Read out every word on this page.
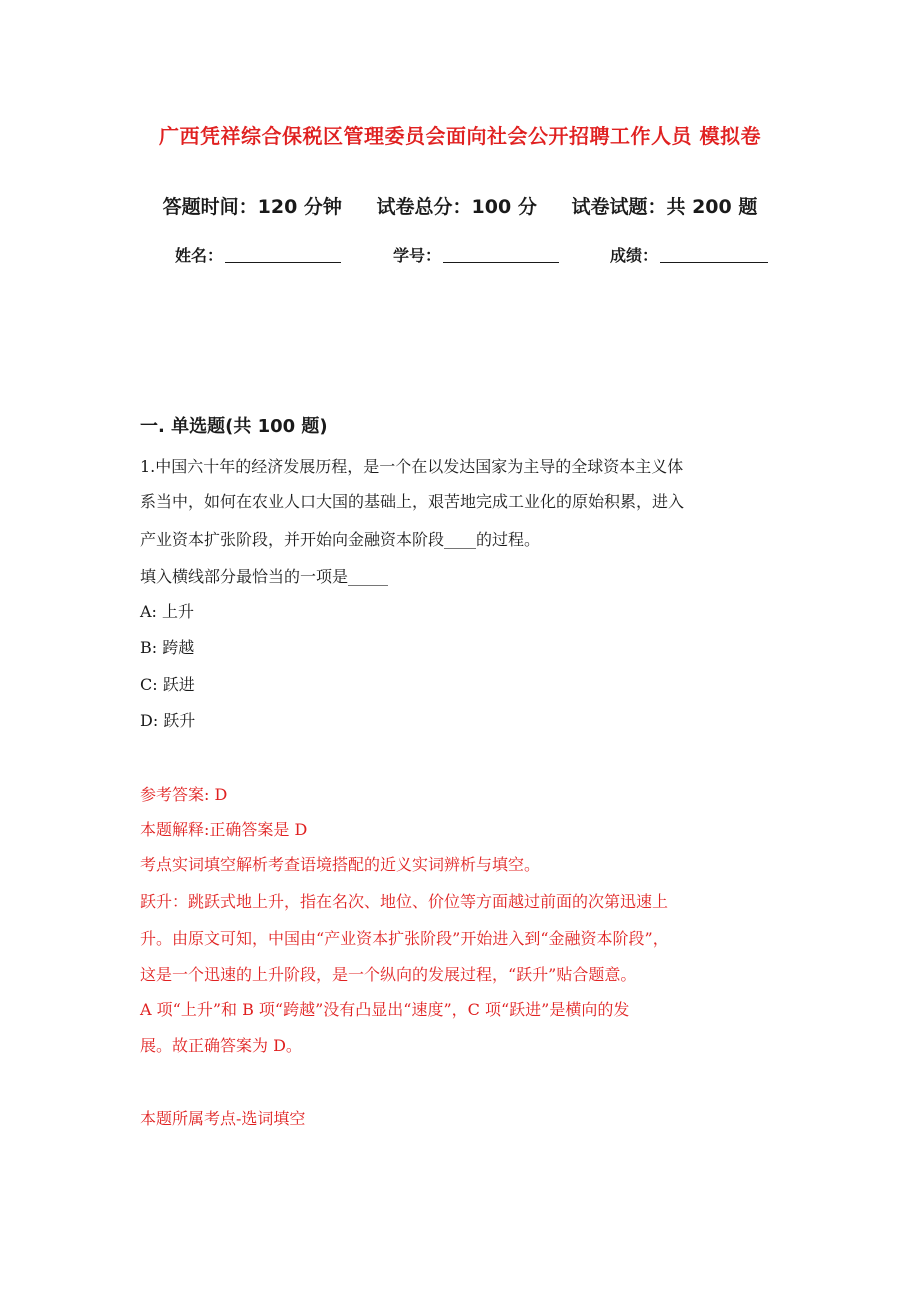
广西凭祥综合保税区管理委员会面向社会公开招聘工作人员 模拟卷
答题时间：120 分钟 试卷总分：100 分 试卷试题：共 200 题
姓名：	学号：	成绩：
一. 单选题(共 100 题)
1.中国六十年的经济发展历程，是一个在以发达国家为主导的全球资本主义体
系当中，如何在农业人口大国的基础上，艰苦地完成工业化的原始积累，进入
产业资本扩张阶段，并开始向金融资本阶段____的过程。
填入横线部分最恰当的一项是_____
A: 上升
B: 跨越
C: 跃进
D: 跃升
参考答案: D
本题解释:正确答案是 D
考点实词填空解析考查语境搭配的近义实词辨析与填空。
跃升：跳跃式地上升，指在名次、地位、价位等方面越过前面的次第迅速上
升。由原文可知，中国由“产业资本扩张阶段”开始进入到“金融资本阶段”，
这是一个迅速的上升阶段，是一个纵向的发展过程，“跃升”贴合题意。
A 项“上升”和 B 项“跨越”没有凸显出“速度”，C 项“跃进”是横向的发
展。故正确答案为 D。
本题所属考点-选词填空
